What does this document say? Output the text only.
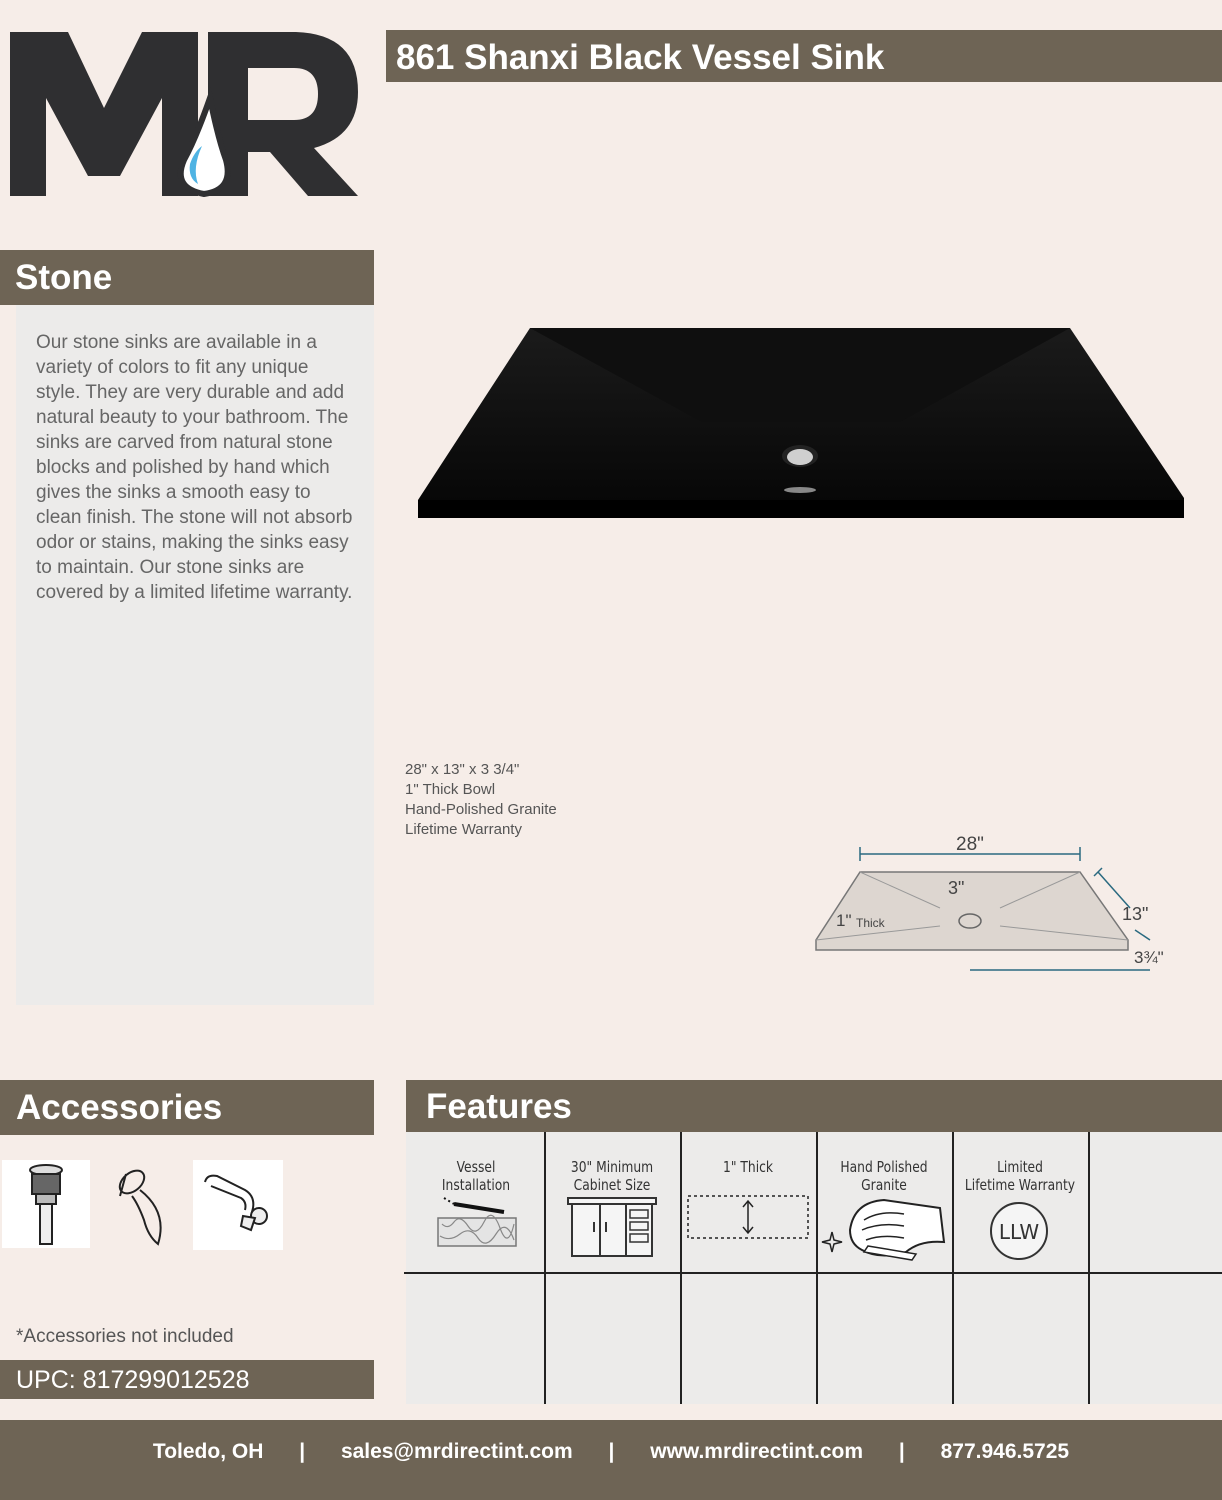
861 Shanxi Black Vessel Sink
Stone

Our stone sinks are available in a variety of colors to fit any unique style. They are very durable and add natural beauty to your bathroom. The sinks are carved from natural stone blocks and polished by hand which gives the sinks a smooth easy to clean finish. The stone will not absorb odor or stains, making the sinks easy to maintain. Our stone sinks are covered by a limited lifetime warranty.

28" x 13" x 3 3/4"
1" Thick Bowl
Hand-Polished Granite
Lifetime Warranty
28"
13"
3¾"
3"
1" Thick
Accessories
*Accessories not included
UPC: 817299012528
Features
Vessel
Installation
30" Minimum
Cabinet Size
1" Thick	Hand Polished
Granite
Limited
Lifetime Warranty
LLW
Toledo, OH | sales@mrdirectint.com | www.mrdirectint.com | 877.946.5725
